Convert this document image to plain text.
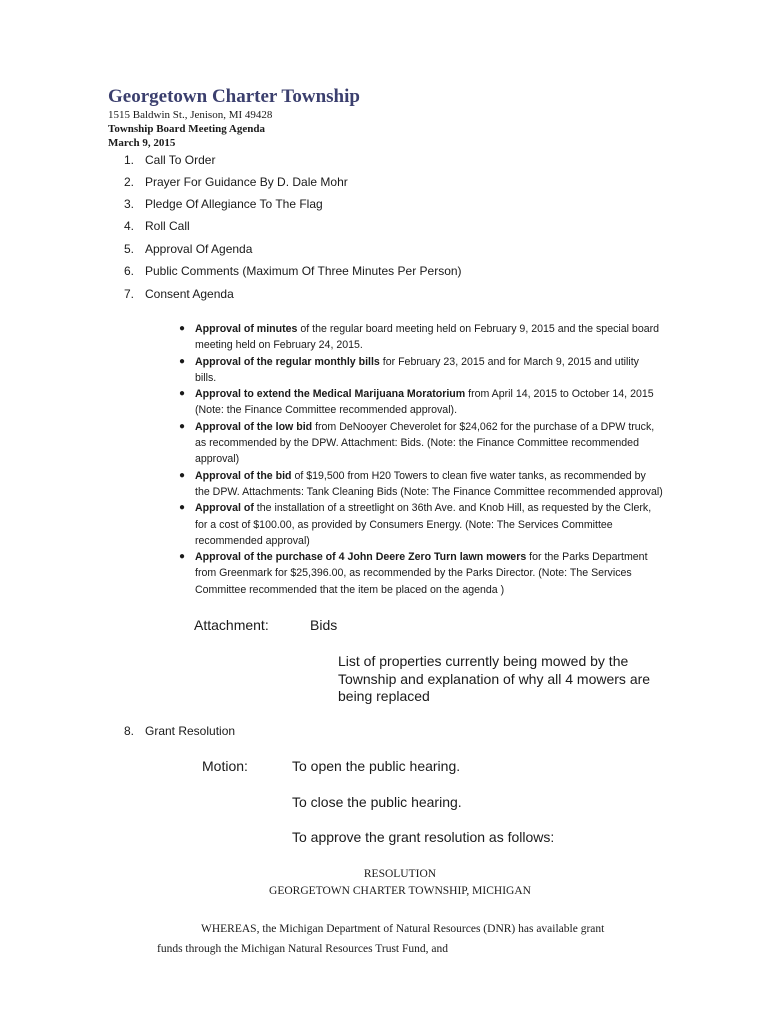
Georgetown Charter Township
1515 Baldwin St., Jenison, MI 49428
Township Board Meeting Agenda
March 9, 2015
1. Call To Order
2. Prayer For Guidance By D. Dale Mohr
3. Pledge Of Allegiance To The Flag
4. Roll Call
5. Approval Of Agenda
6. Public Comments (Maximum Of Three Minutes Per Person)
7. Consent Agenda
● Approval of minutes of the regular board meeting held on February 9, 2015 and the special board meeting held on February 24, 2015.
● Approval of the regular monthly bills for February 23, 2015 and for March 9, 2015 and utility bills.
● Approval to extend the Medical Marijuana Moratorium from April 14, 2015 to October 14, 2015 (Note: the Finance Committee recommended approval).
● Approval of the low bid from DeNooyer Cheverolet for $24,062 for the purchase of a DPW truck, as recommended by the DPW. Attachment: Bids. (Note: the Finance Committee recommended approval)
● Approval of the bid of $19,500 from H20 Towers to clean five water tanks, as recommended by the DPW. Attachments: Tank Cleaning Bids (Note: The Finance Committee recommended approval)
● Approval of the installation of a streetlight on 36th Ave. and Knob Hill, as requested by the Clerk, for a cost of $100.00, as provided by Consumers Energy. (Note: The Services Committee recommended approval)
● Approval of the purchase of 4 John Deere Zero Turn lawn mowers for the Parks Department from Greenmark for $25,396.00, as recommended by the Parks Director. (Note: The Services Committee recommended that the item be placed on the agenda )
Attachment:	Bids
List of properties currently being mowed by the Township and explanation of why all 4 mowers are being replaced
8. Grant Resolution
Motion:	To open the public hearing.
To close the public hearing.
To approve the grant resolution as follows:
RESOLUTION
GEORGETOWN CHARTER TOWNSHIP, MICHIGAN
WHEREAS, the Michigan Department of Natural Resources (DNR) has available grant
funds through the Michigan Natural Resources Trust Fund, and
